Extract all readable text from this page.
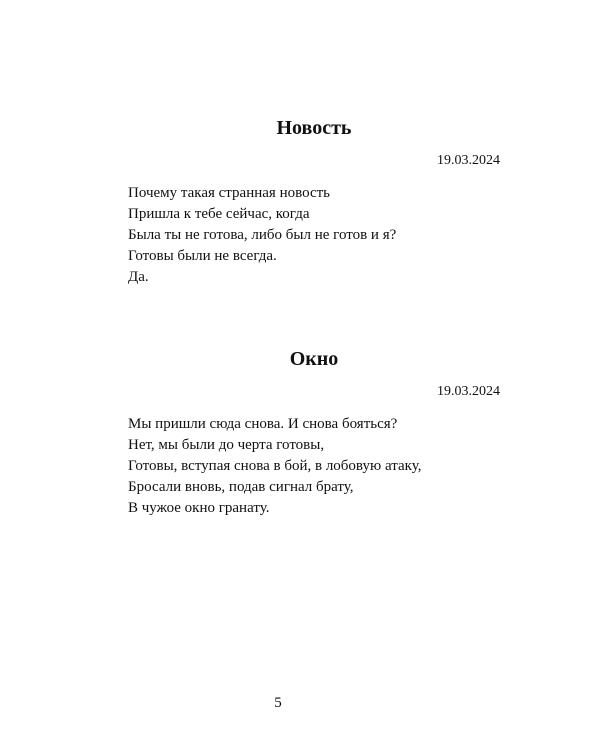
Новость
19.03.2024
Почему такая странная новость
Пришла к тебе сейчас, когда
Была ты не готова, либо был не готов и я?
Готовы были не всегда.
Да.
Окно
19.03.2024
Мы пришли сюда снова. И снова бояться?
Нет, мы были до черта готовы,
Готовы, вступая снова в бой, в лобовую атаку,
Бросали вновь, подав сигнал брату,
В чужое окно гранату.
5
